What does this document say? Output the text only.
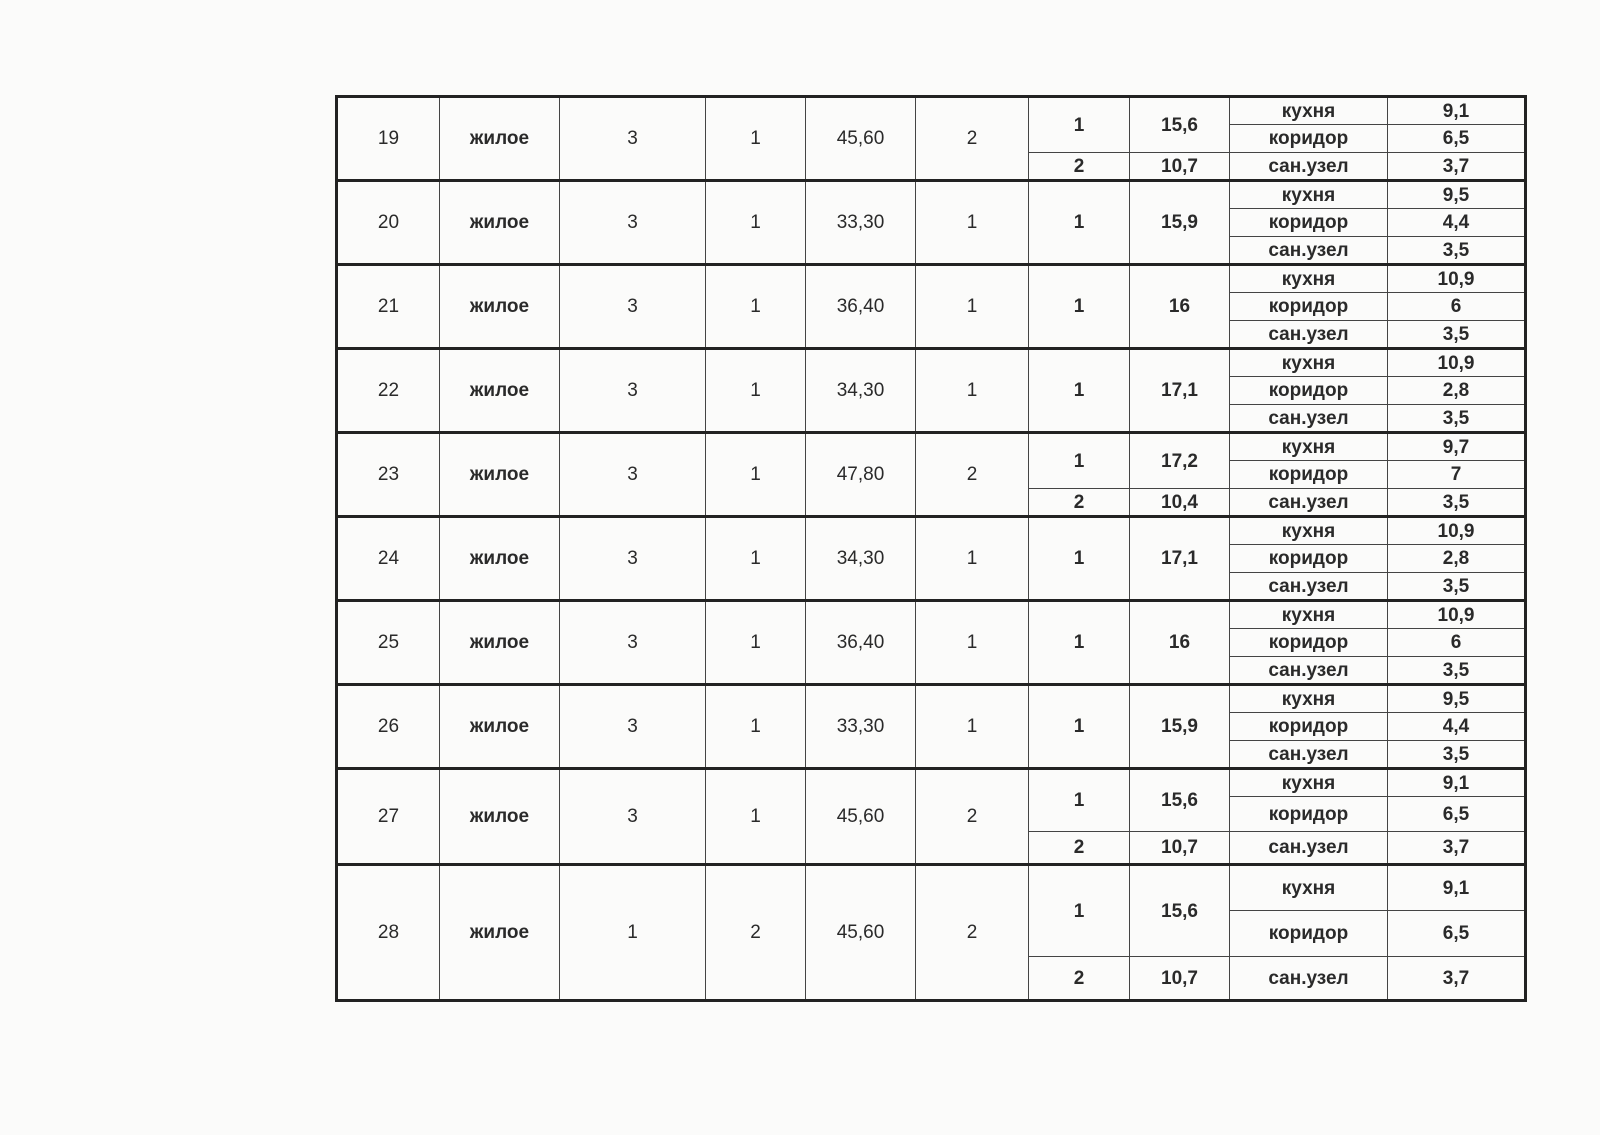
19	жилое	3	1	45,60	2	1	15,6	кухня	9,1
								коридор	6,5
						2	10,7	сан.узел	3,7
20	жилое	3	1	33,30	1	1	15,9	кухня	9,5
								коридор	4,4
								сан.узел	3,5
21	жилое	3	1	36,40	1	1	16	кухня	10,9
								коридор	6
								сан.узел	3,5
22	жилое	3	1	34,30	1	1	17,1	кухня	10,9
								коридор	2,8
								сан.узел	3,5
23	жилое	3	1	47,80	2	1	17,2	кухня	9,7
								коридор	7
						2	10,4	сан.узел	3,5
24	жилое	3	1	34,30	1	1	17,1	кухня	10,9
								коридор	2,8
								сан.узел	3,5
25	жилое	3	1	36,40	1	1	16	кухня	10,9
								коридор	6
								сан.узел	3,5
26	жилое	3	1	33,30	1	1	15,9	кухня	9,5
								коридор	4,4
								сан.узел	3,5
27	жилое	3	1	45,60	2	1	15,6	кухня	9,1
								коридор	6,5
						2	10,7	сан.узел	3,7
28	жилое	1	2	45,60	2	1	15,6	кухня	9,1
								коридор	6,5
						2	10,7	сан.узел	3,7
